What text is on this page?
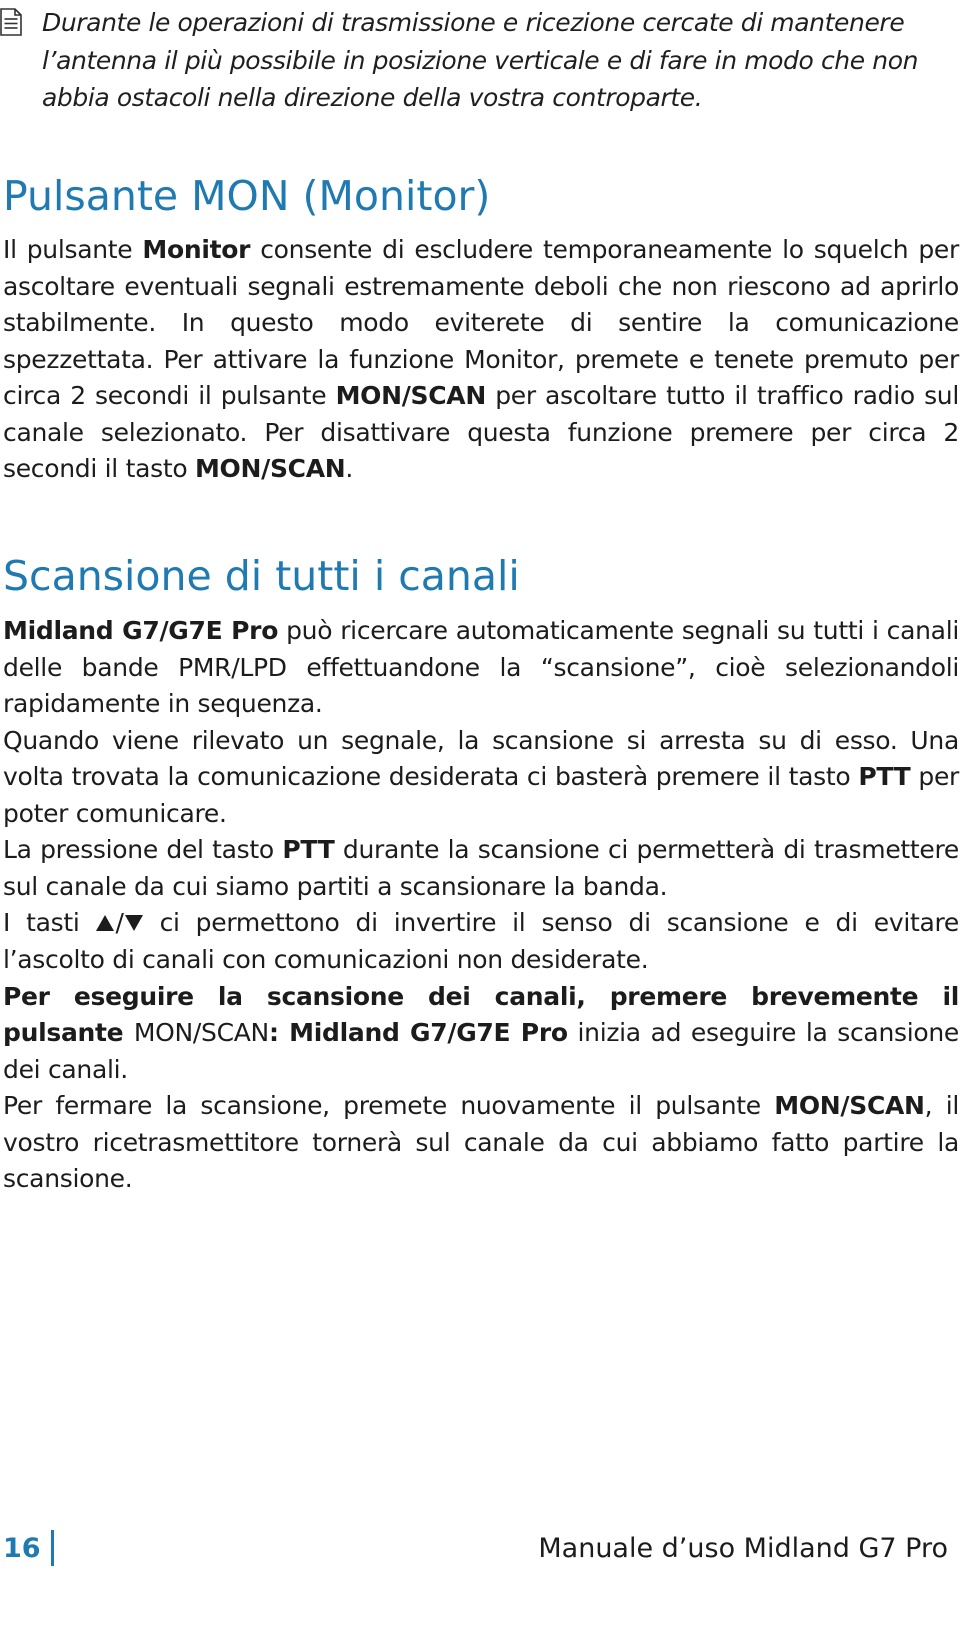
Durante le operazioni di trasmissione e ricezione cercate di mantenere l’antenna il più possibile in posizione verticale e di fare in modo che non abbia ostacoli nella direzione della vostra controparte.

Pulsante MON (Monitor)

Il pulsante Monitor consente di escludere temporaneamente lo squelch per ascoltare eventuali segnali estremamente deboli che non riescono ad aprirlo stabilmente. In questo modo eviterete di sentire la comunicazione spezzettata. Per attivare la funzione Monitor, premete e tenete premuto per circa 2 secondi il pulsante MON/SCAN per ascoltare tutto il traffico radio sul canale selezionato. Per disattivare questa funzione premere per circa 2 secondi il tasto MON/SCAN.

Scansione di tutti i canali

Midland G7/G7E Pro può ricercare automaticamente segnali su tutti i canali delle bande PMR/LPD effettuandone la “scansione”, cioè selezionandoli rapidamente in sequenza.

Quando viene rilevato un segnale, la scansione si arresta su di esso. Una volta trovata la comunicazione desiderata ci basterà premere il tasto PTT per poter comunicare.

La pressione del tasto PTT durante la scansione ci permetterà di trasmettere sul canale da cui siamo partiti a scansionare la banda.

I tasti / ci permettono di invertire il senso di scansione e di evitare l’ascolto di canali con comunicazioni non desiderate.

Per eseguire la scansione dei canali, premere brevemente il pulsante MON/SCAN: Midland G7/G7E Pro inizia ad eseguire la scansione dei canali.

Per fermare la scansione, premete nuovamente il pulsante MON/SCAN, il vostro ricetrasmettitore tornerà sul canale da cui abbiamo fatto partire la scansione.

16	Manuale d’uso Midland G7 Pro
